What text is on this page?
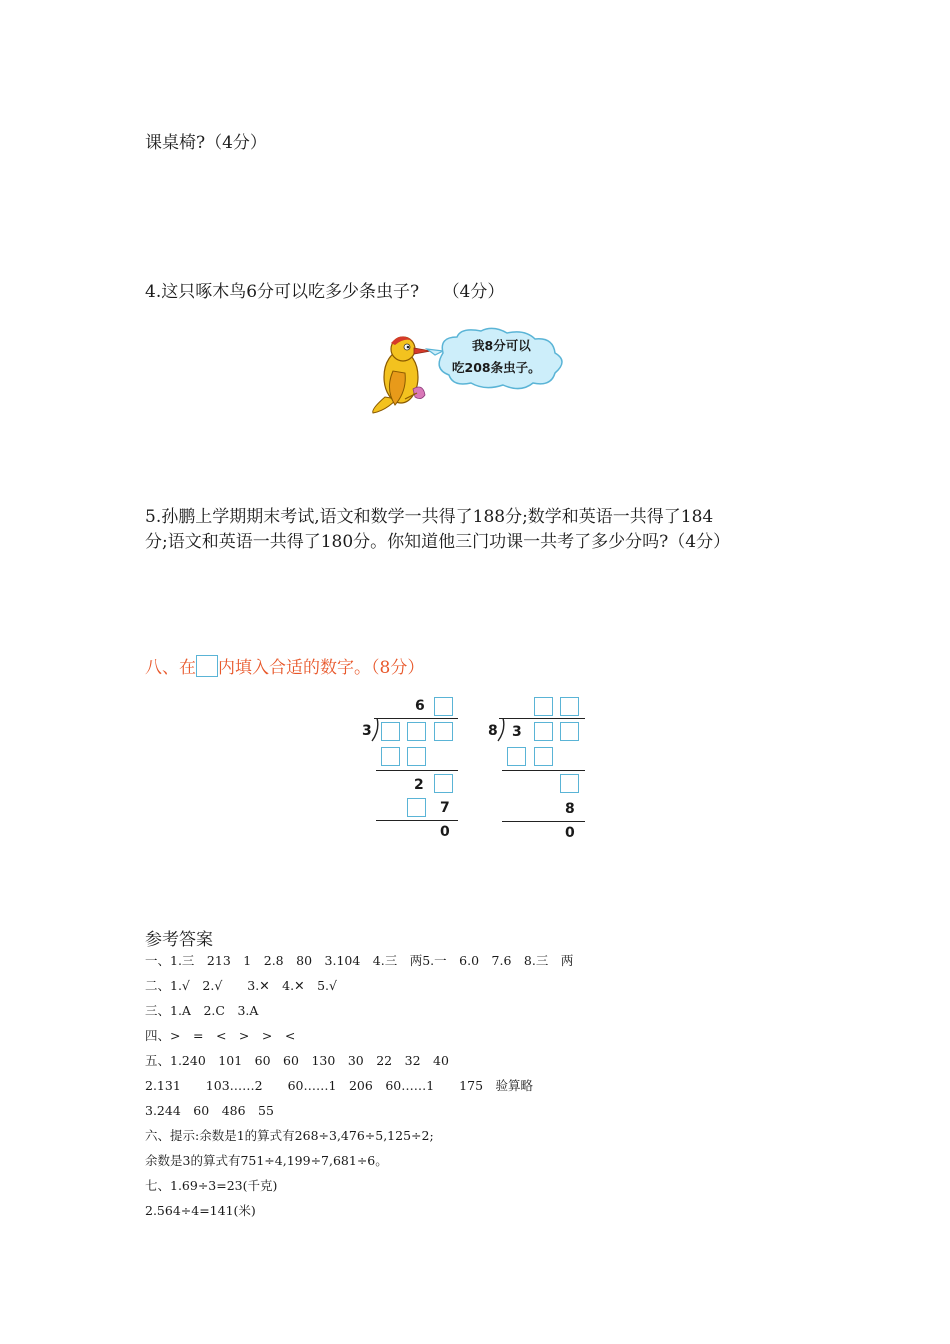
课桌椅?（4分）
4.这只啄木鸟6分可以吃多少条虫子? （4分）
我8分可以
吃208条虫子。
5.孙鹏上学期期末考试,语文和数学一共得了188分;数学和英语一共得了184
分;语文和英语一共得了180分。你知道他三门功课一共考了多少分吗?（4分）
八、在 内填入合适的数字。（8分）
6
3
2
7
0
8 3
8
0
参考答案
一、1.三　213　1　2.8　80　3.104　4.三　两5.一　6.0　7.6　8.三　两
二、1.√　2.√　　3.✕　4.✕　5.√
三、1.A　2.C　3.A
四、>　=　<　>　>　<
五、1.240　101　60　60　130　30　22　32　40
2.131　　103……2　　60……1　206　60……1　　175　验算略
3.244　60　486　55
六、提示:余数是1的算式有268÷3,476÷5,125÷2;
余数是3的算式有751÷4,199÷7,681÷6。
七、1.69÷3=23(千克)
2.564÷4=141(米)
